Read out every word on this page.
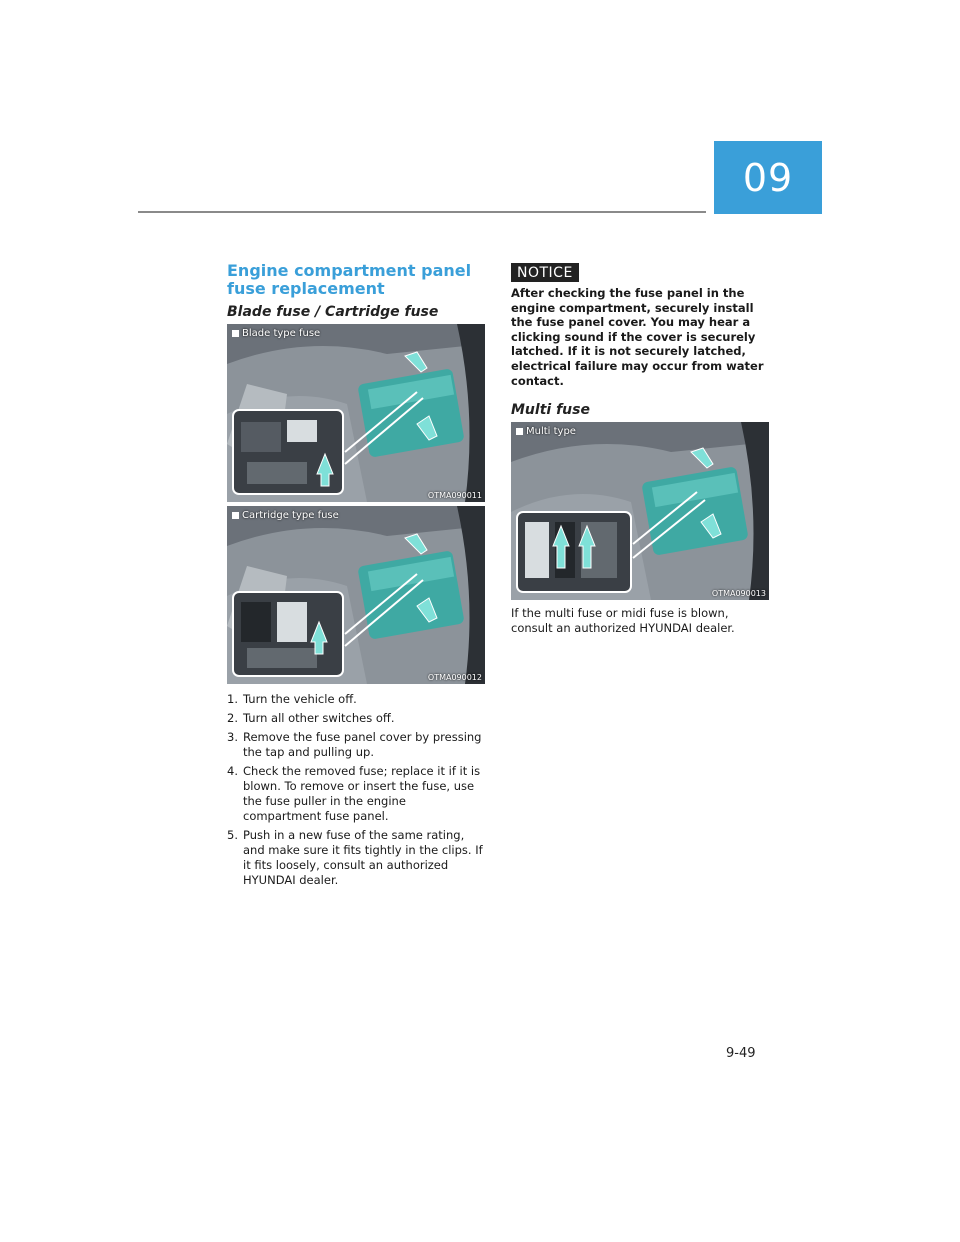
09
Engine compartment panel fuse replacement
Blade fuse / Cartridge fuse
Blade type fuse
OTMA090011
Cartridge type fuse
OTMA090012
1. Turn the vehicle off.
2. Turn all other switches off.
3. Remove the fuse panel cover by pressing the tap and pulling up.
4. Check the removed fuse; replace it if it is blown. To remove or insert the fuse, use the fuse puller in the engine compartment fuse panel.
5. Push in a new fuse of the same rating, and make sure it fits tightly in the clips. If it fits loosely, consult an authorized HYUNDAI dealer.
NOTICE

After checking the fuse panel in the engine compartment, securely install the fuse panel cover. You may hear a clicking sound if the cover is securely latched. If it is not securely latched, electrical failure may occur from water contact.

Multi fuse
Multi type
OTMA090013

If the multi fuse or midi fuse is blown, consult an authorized HYUNDAI dealer.

9-49
